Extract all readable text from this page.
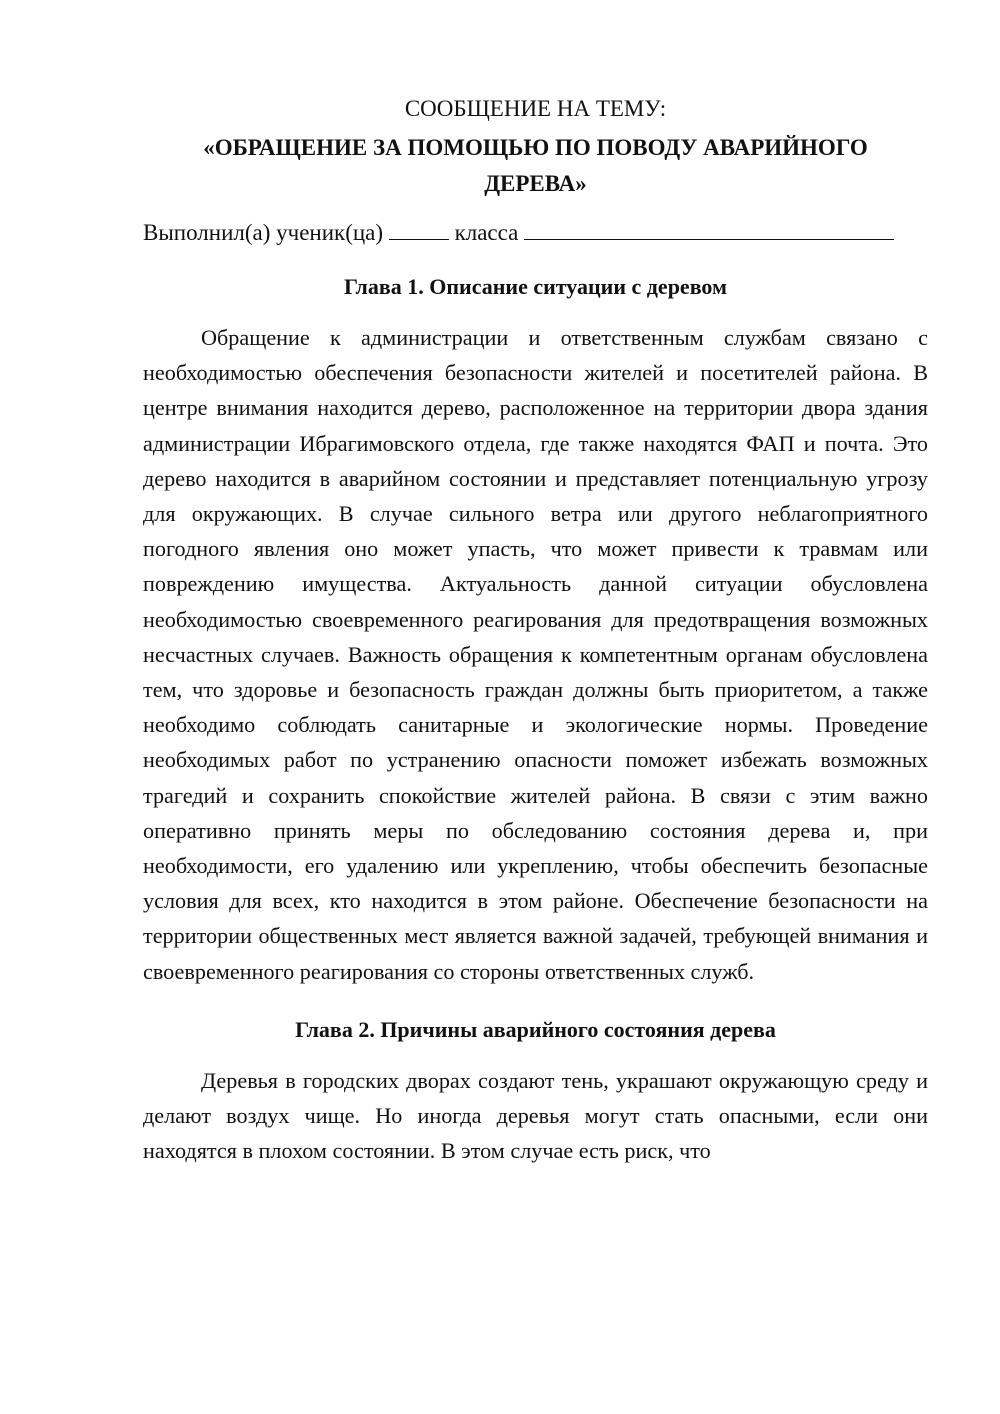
СООБЩЕНИЕ НА ТЕМУ:
«ОБРАЩЕНИЕ ЗА ПОМОЩЬЮ ПО ПОВОДУ АВАРИЙНОГО ДЕРЕВА»
Выполнил(а) ученик(ца)	класса
Глава 1. Описание ситуации с деревом

Обращение к администрации и ответственным службам связано с необходимостью обеспечения безопасности жителей и посетителей района. В центре внимания находится дерево, расположенное на территории двора здания администрации Ибрагимовского отдела, где также находятся ФАП и почта. Это дерево находится в аварийном состоянии и представляет потенциальную угрозу для окружающих. В случае сильного ветра или другого неблагоприятного погодного явления оно может упасть, что может привести к травмам или повреждению имущества. Актуальность данной ситуации обусловлена необходимостью своевременного реагирования для предотвращения возможных несчастных случаев. Важность обращения к компетентным органам обусловлена тем, что здоровье и безопасность граждан должны быть приоритетом, а также необходимо соблюдать санитарные и экологические нормы. Проведение необходимых работ по устранению опасности поможет избежать возможных трагедий и сохранить спокойствие жителей района. В связи с этим важно оперативно принять меры по обследованию состояния дерева и, при необходимости, его удалению или укреплению, чтобы обеспечить безопасные условия для всех, кто находится в этом районе. Обеспечение безопасности на территории общественных мест является важной задачей, требующей внимания и своевременного реагирования со стороны ответственных служб.

Глава 2. Причины аварийного состояния дерева

Деревья в городских дворах создают тень, украшают окружающую среду и делают воздух чище. Но иногда деревья могут стать опасными, если они находятся в плохом состоянии. В этом случае есть риск, что
